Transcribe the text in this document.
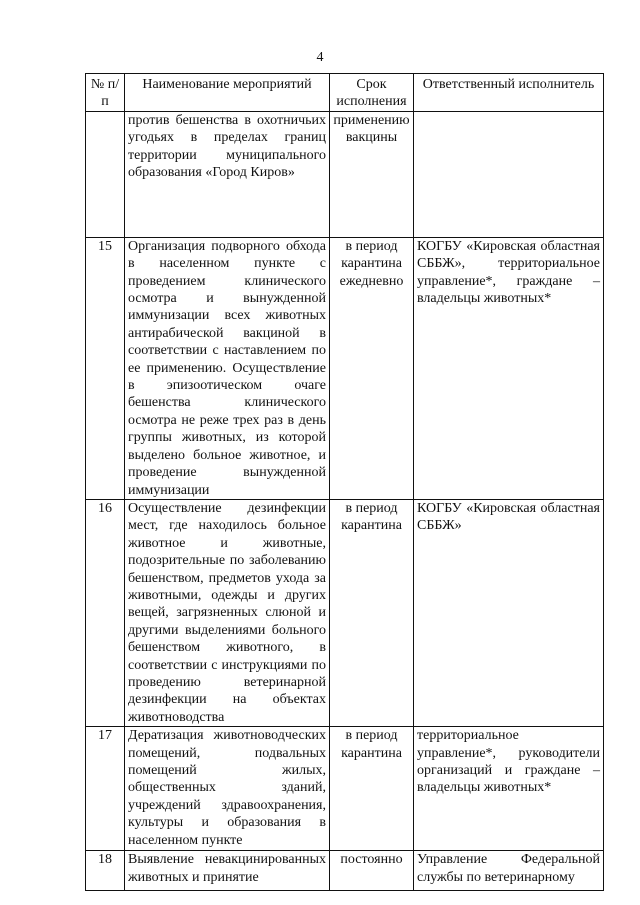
4
№ п/п	Наименование мероприятий	Срок исполнения	Ответственный исполнитель
	против бешенства в охотничьих угодьях в пределах границ территории муниципального образования «Город Киров»	применению вакцины	
15	Организация подворного обхода в населенном пункте с проведением клинического осмотра и вынужденной иммунизации всех животных антирабической вакциной в соответствии с наставлением по ее применению. Осуществление в эпизоотическом очаге бешенства клинического осмотра не реже трех раз в день группы животных, из которой выделено больное животное, и проведение вынужденной иммунизации	в период карантина ежедневно	КОГБУ «Кировская областная СББЖ», территориальное управление*, граждане – владельцы животных*
16	Осуществление дезинфекции мест, где находилось больное животное и животные, подозрительные по заболеванию бешенством, предметов ухода за животными, одежды и других вещей, загрязненных слюной и другими выделениями больного бешенством животного, в соответствии с инструкциями по проведению ветеринарной дезинфекции на объектах животноводства	в период карантина	КОГБУ «Кировская областная СББЖ»
17	Дератизация животноводческих помещений, подвальных помещений жилых, общественных зданий, учреждений здравоохранения, культуры и образования в населенном пункте	в период карантина	территориальное управление*, руководители организаций и граждане – владельцы животных*
18	Выявление невакцинированных животных и принятие	постоянно	Управление Федеральной службы по ветеринарному
